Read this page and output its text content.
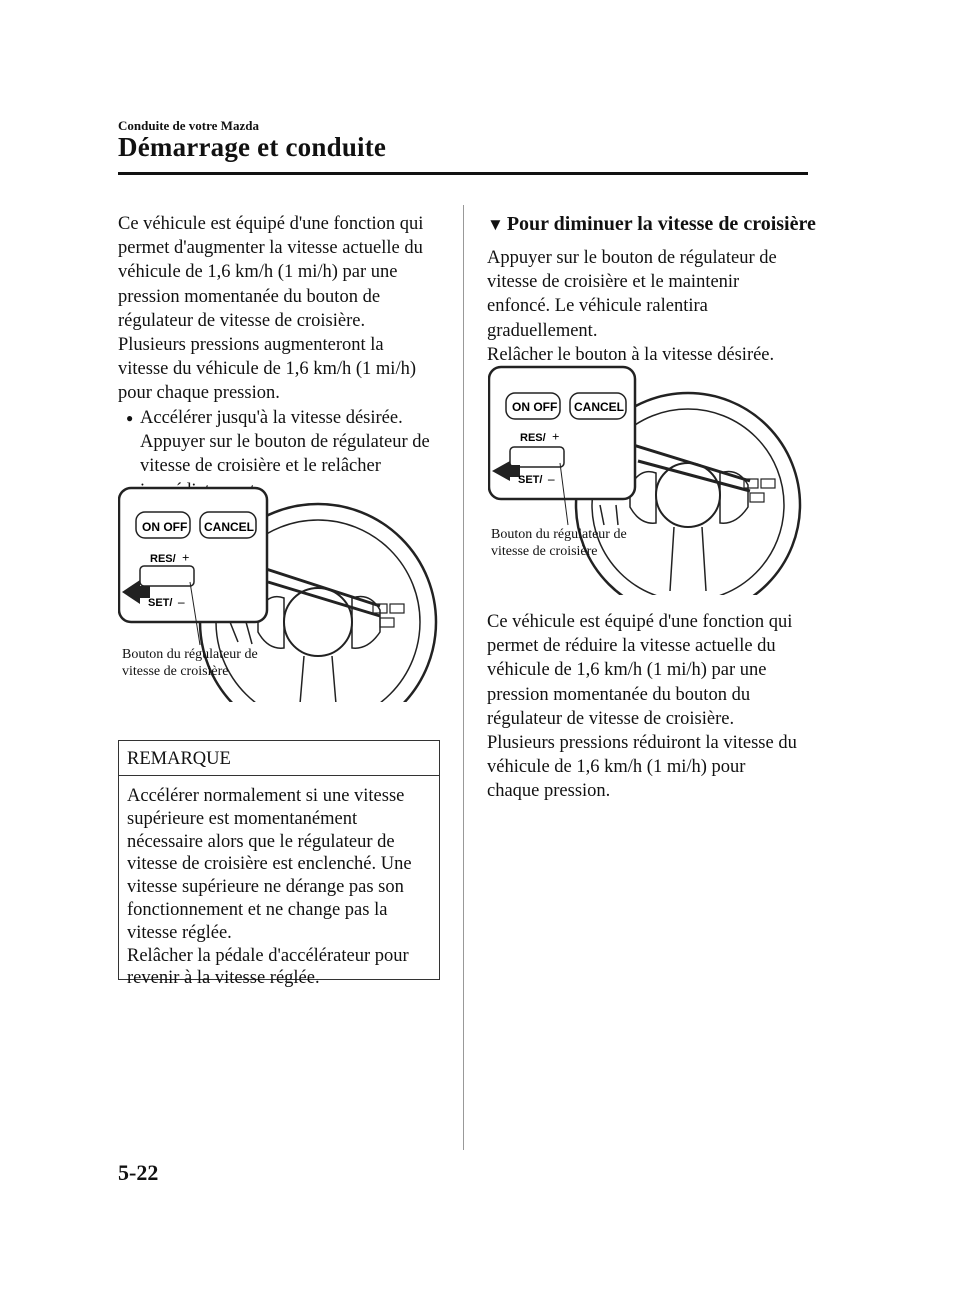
Conduite de votre Mazda
Démarrage et conduite

Ce véhicule est équipé d'une fonction qui
permet d'augmenter la vitesse actuelle du
véhicule de 1,6 km/h (1 mi/h) par une
pression momentanée du bouton de
régulateur de vitesse de croisière.
Plusieurs pressions augmenteront la
vitesse du véhicule de 1,6 km/h (1 mi/h)
pour chaque pression.

● Accélérer jusqu'à la vitesse désirée.
Appuyer sur le bouton de régulateur de
vitesse de croisière et le relâcher

ON OFF CANCEL
RES/ +
SET/ –
Bouton du régulateur de
vitesse de croisière
REMARQUE
Accélérer normalement si une vitesse
supérieure est momentanément
nécessaire alors que le régulateur de
vitesse de croisière est enclenché. Une
vitesse supérieure ne dérange pas son
fonctionnement et ne change pas la
vitesse réglée.
Relâcher la pédale d'accélérateur pour
revenir à la vitesse réglée.
▼ Pour diminuer la vitesse de croisière

Appuyer sur le bouton de régulateur de
vitesse de croisière et le maintenir
enfoncé. Le véhicule ralentira
graduellement.
Relâcher le bouton à la vitesse désirée.

ON OFF CANCEL
RES/ +
SET/ –
Bouton du régulateur de
vitesse de croisière

Ce véhicule est équipé d'une fonction qui
permet de réduire la vitesse actuelle du
véhicule de 1,6 km/h (1 mi/h) par une
pression momentanée du bouton du
régulateur de vitesse de croisière.
Plusieurs pressions réduiront la vitesse du
véhicule de 1,6 km/h (1 mi/h) pour
chaque pression.

5-22
